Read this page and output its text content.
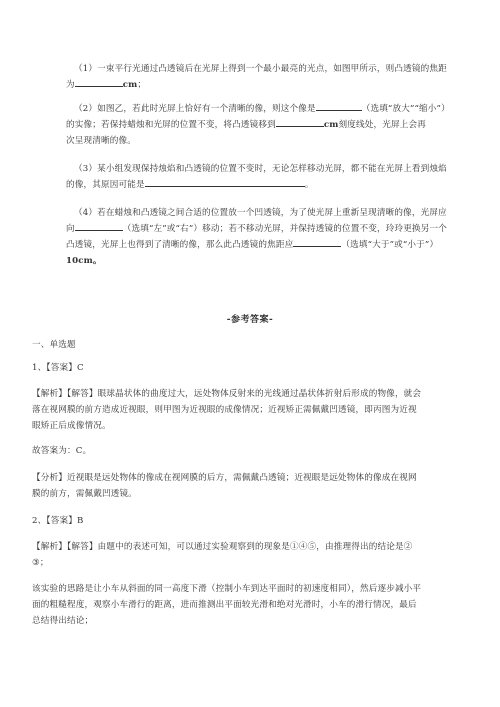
（1）一束平行光通过凸透镜后在光屏上得到一个最小最亮的光点，如图甲所示，则凸透镜的焦距
为	cm；
（2）如图乙，若此时光屏上恰好有一个清晰的像，则这个像是	（选填“放大”“缩小”）
的实像；若保持蜡烛和光屏的位置不变，将凸透镜移到	cm刻度线处，光屏上会再
次呈现清晰的像。
（3）某小组发现保持烛焰和凸透镜的位置不变时，无论怎样移动光屏，都不能在光屏上看到烛焰
的像，其原因可能是	。
（4）若在蜡烛和凸透镜之间合适的位置放一个凹透镜，为了使光屏上重新呈现清晰的像，光屏应
向	（选填“左”或“右”）移动；若不移动光屏，并保持透镜的位置不变，玲玲更换另一个
凸透镜，光屏上也得到了清晰的像，那么此凸透镜的焦距应	（选填“大于”或“小于”）
10cm。
-参考答案-
一、单选题
1、【答案】C
【解析】【解答】眼球晶状体的曲度过大，远处物体反射来的光线通过晶状体折射后形成的物像，就会
落在视网膜的前方造成近视眼，则甲图为近视眼的成像情况；近视矫正需佩戴凹透镜，即丙图为近视
眼矫正后成像情况。
故答案为：C。
【分析】近视眼是远处物体的像成在视网膜的后方，需佩戴凸透镜；近视眼是远处物体的像成在视网
膜的前方，需佩戴凹透镜。
2、【答案】B
【解析】【解答】由题中的表述可知，可以通过实验观察到的现象是①④⑤，由推理得出的结论是②
③；
该实验的思路是让小车从斜面的同一高度下滑（控制小车到达平面时的初速度相同），然后逐步减小平
面的粗糙程度，观察小车滑行的距离，进而推测出平面较光滑和绝对光滑时，小车的滑行情况，最后
总结得出结论；
